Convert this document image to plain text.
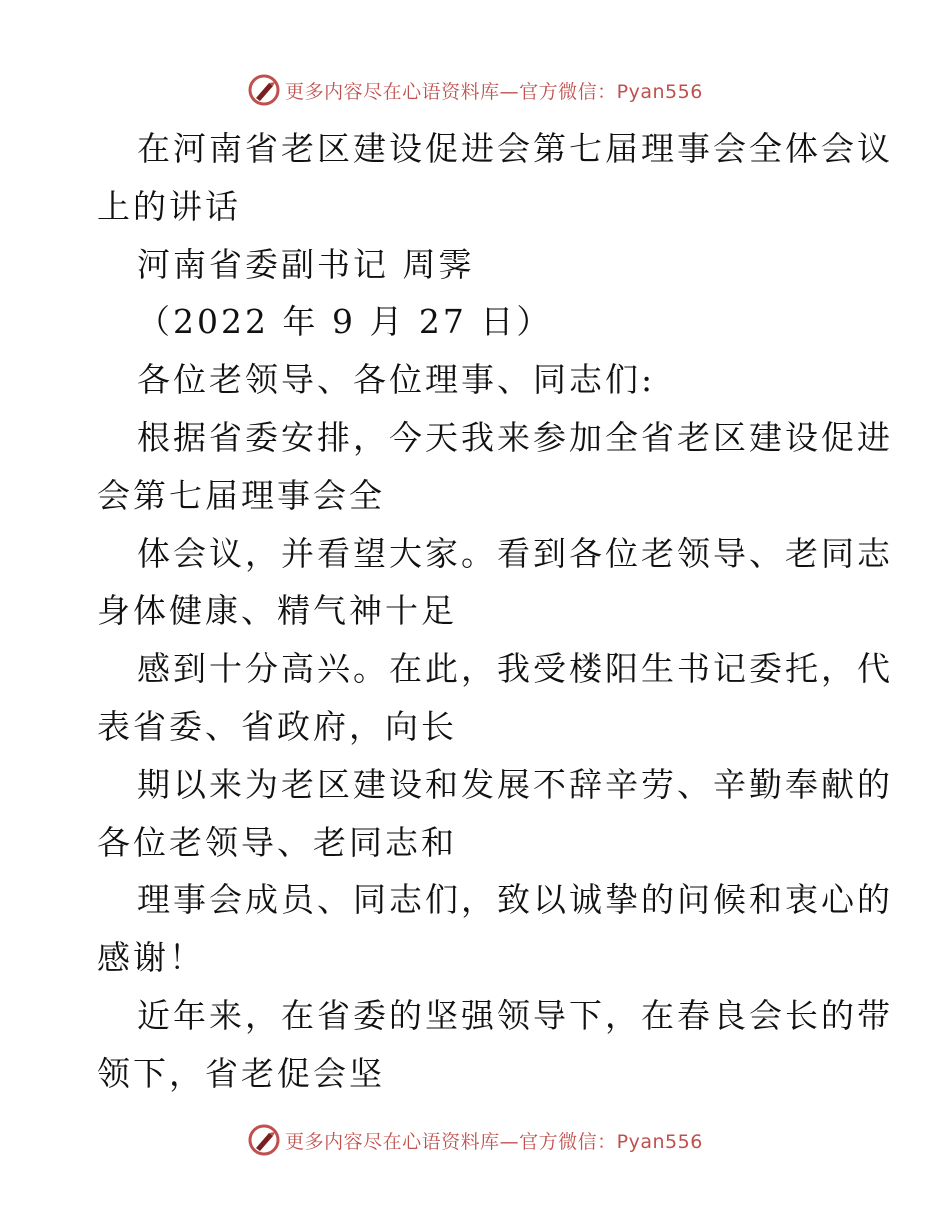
更多内容尽在心语资料库—官方微信：Pyan556
在河南省老区建设促进会第七届理事会全体会议
上的讲话
河南省委副书记 周霁
（2022 年 9 月 27 日）
各位老领导、各位理事、同志们:
根据省委安排，今天我来参加全省老区建设促进
会第七届理事会全
体会议，并看望大家。看到各位老领导、老同志
身体健康、精气神十足
感到十分高兴。在此，我受楼阳生书记委托，代
表省委、省政府，向长
期以来为老区建设和发展不辞辛劳、辛勤奉献的
各位老领导、老同志和
理事会成员、同志们，致以诚挚的问候和衷心的
感谢！
近年来，在省委的坚强领导下，在春良会长的带
领下，省老促会坚
更多内容尽在心语资料库—官方微信：Pyan556
